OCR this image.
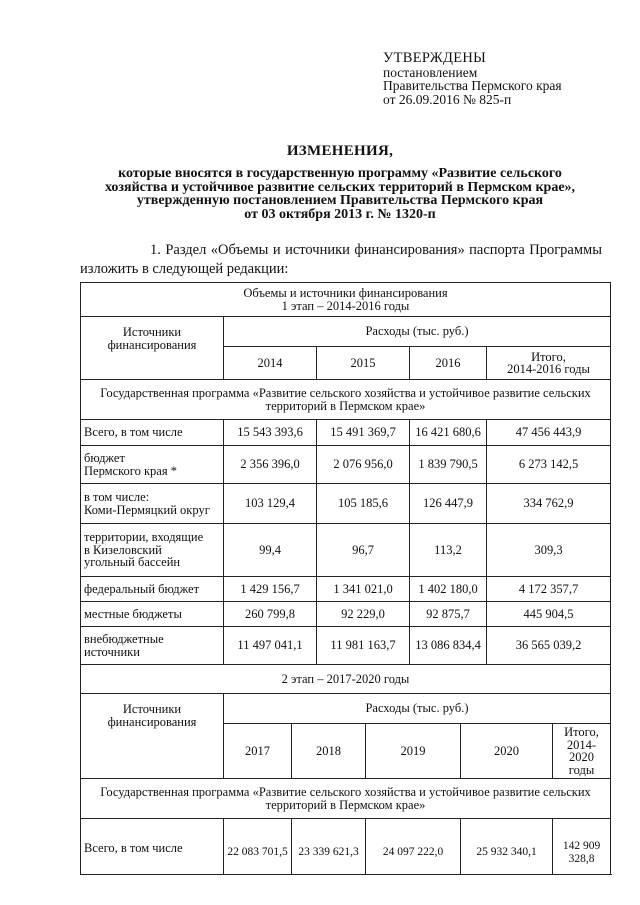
УТВЕРЖДЕНЫ
постановлением
Правительства Пермского края
от 26.09.2016 № 825-п
ИЗМЕНЕНИЯ,
которые вносятся в государственную программу «Развитие сельского
хозяйства и устойчивое развитие сельских территорий в Пермском крае»,
утвержденную постановлением Правительства Пермского края
от 03 октября 2013 г. № 1320-п
1. Раздел «Объемы и источники финансирования» паспорта Программы
изложить в следующей редакции:
Объемы и источники финансирования
1 этап – 2014-2016 годы								

Источники
финансирования	Расходы (тыс. руб.)							
	2014		2015		2016		Итого,
2014-2016 годы	

Государственная программа «Развитие сельского хозяйства и устойчивое развитие сельских
территорий в Пермском крае»								

Всего, в том числе	15 543 393,6		15 491 369,7		16 421 680,6		47 456 443,9	

бюджет
Пермского края *	2 356 396,0		2 076 956,0		1 839 790,5		6 273 142,5	

в том числе:
Коми-Пермяцкий округ	103 129,4		105 185,6		126 447,9		334 762,9	

территории, входящие
в Кизеловский
угольный бассейн	99,4		96,7		113,2		309,3	

федеральный бюджет	1 429 156,7		1 341 021,0		1 402 180,0		4 172 357,7	

местные бюджеты	260 799,8		92 229,0		92 875,7		445 904,5	

внебюджетные
источники	11 497 041,1		11 981 163,7		13 086 834,4		36 565 039,2	
2 этап – 2017-2020 годы								

Источники
финансирования	Расходы (тыс. руб.)							
	2017	2018		2019		2020		Итого,
2014-2020 годы

Государственная программа «Развитие сельского хозяйства и устойчивое развитие сельских
территорий в Пермском крае»								

Всего, в том числе	22 083 701,5	23 339 621,3		24 097 222,0		25 932 340,1		142 909 328,8
